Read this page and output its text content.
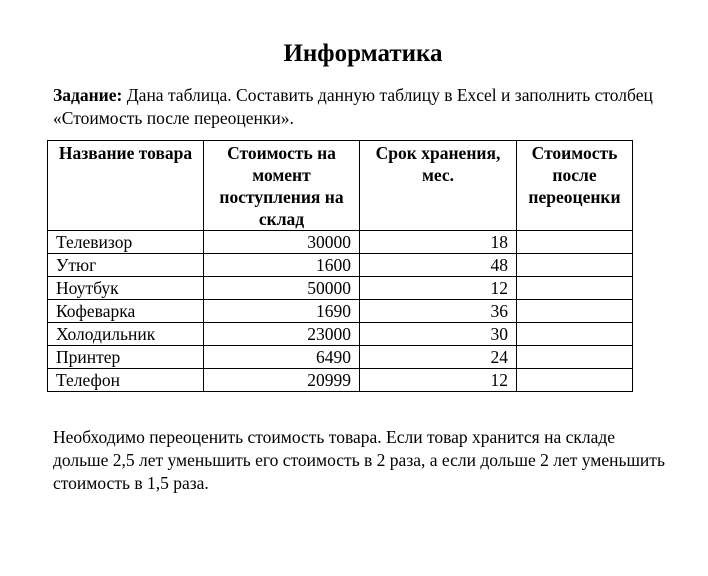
Информатика
Задание: Дана таблица. Составить данную таблицу в Excel и заполнить столбец «Стоимость после переоценки».
Название товара	Стоимость на момент поступления на склад	Срок хранения, мес.	Стоимость после переоценки
Телевизор	30000	18	
Утюг	1600	48	
Ноутбук	50000	12	
Кофеварка	1690	36	
Холодильник	23000	30	
Принтер	6490	24	
Телефон	20999	12	
Необходимо переоценить стоимость товара. Если товар хранится на складе дольше 2,5 лет уменьшить его стоимость в 2 раза, а если дольше 2 лет уменьшить стоимость в 1,5 раза.
